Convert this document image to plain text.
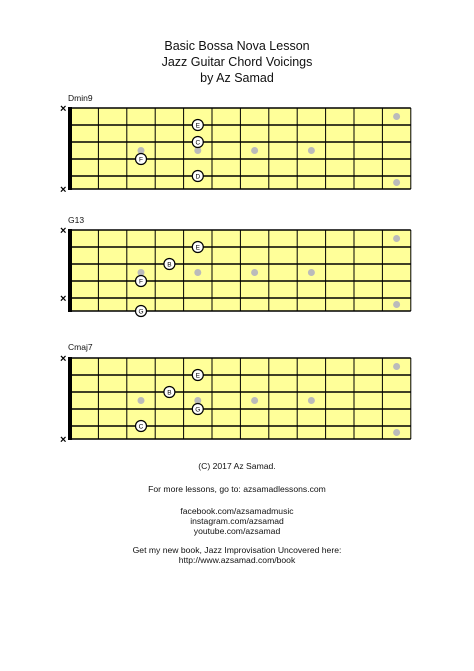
Basic Bossa Nova Lesson
Jazz Guitar Chord Voicings
by Az Samad
Dmin9
×
×
E
C
F
D
G13
×
×
E
B
F
G
Cmaj7
×
×
E
B
G
C
(C) 2017 Az Samad.
For more lessons, go to: azsamadlessons.com
facebook.com/azsamadmusic
instagram.com/azsamad
youtube.com/azsamad
Get my new book, Jazz Improvisation Uncovered here:
http://www.azsamad.com/book
